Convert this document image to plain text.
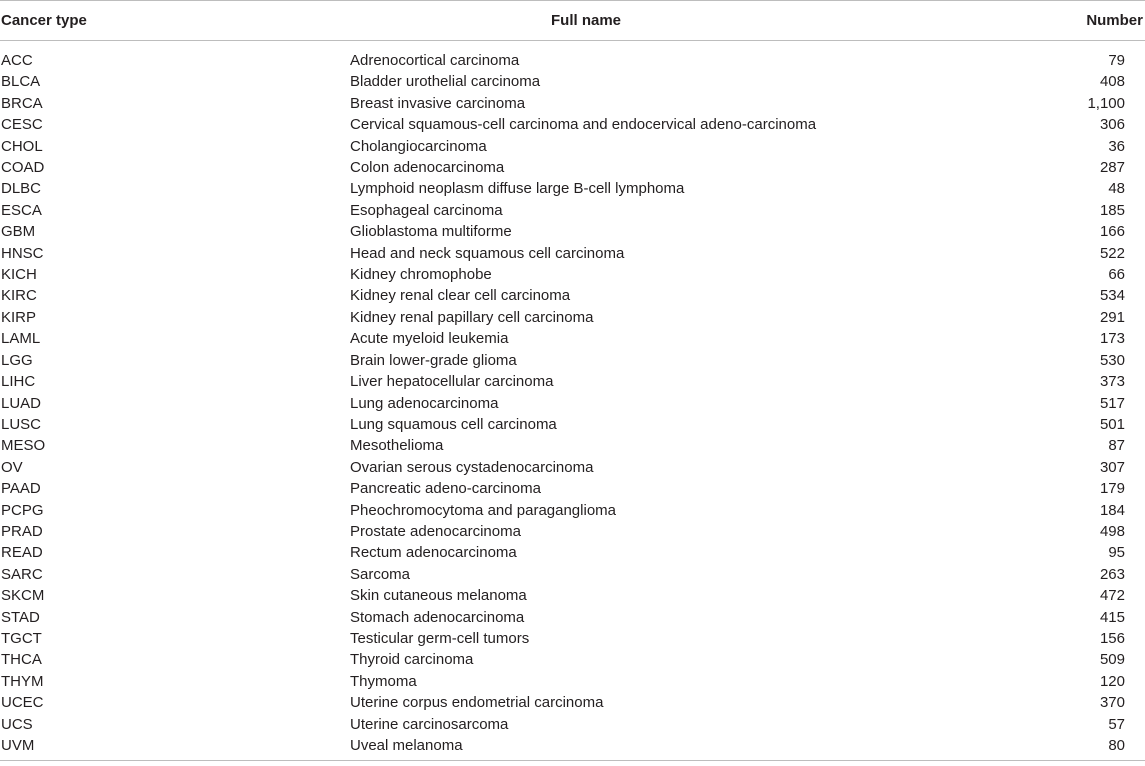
Cancer type	Full name	Number
ACC	Adrenocortical carcinoma	79
BLCA	Bladder urothelial carcinoma	408
BRCA	Breast invasive carcinoma	1,100
CESC	Cervical squamous-cell carcinoma and endocervical adeno-carcinoma	306
CHOL	Cholangiocarcinoma	36
COAD	Colon adenocarcinoma	287
DLBC	Lymphoid neoplasm diffuse large B-cell lymphoma	48
ESCA	Esophageal carcinoma	185
GBM	Glioblastoma multiforme	166
HNSC	Head and neck squamous cell carcinoma	522
KICH	Kidney chromophobe	66
KIRC	Kidney renal clear cell carcinoma	534
KIRP	Kidney renal papillary cell carcinoma	291
LAML	Acute myeloid leukemia	173
LGG	Brain lower-grade glioma	530
LIHC	Liver hepatocellular carcinoma	373
LUAD	Lung adenocarcinoma	517
LUSC	Lung squamous cell carcinoma	501
MESO	Mesothelioma	87
OV	Ovarian serous cystadenocarcinoma	307
PAAD	Pancreatic adeno-carcinoma	179
PCPG	Pheochromocytoma and paraganglioma	184
PRAD	Prostate adenocarcinoma	498
READ	Rectum adenocarcinoma	95
SARC	Sarcoma	263
SKCM	Skin cutaneous melanoma	472
STAD	Stomach adenocarcinoma	415
TGCT	Testicular germ-cell tumors	156
THCA	Thyroid carcinoma	509
THYM	Thymoma	120
UCEC	Uterine corpus endometrial carcinoma	370
UCS	Uterine carcinosarcoma	57
UVM	Uveal melanoma	80
